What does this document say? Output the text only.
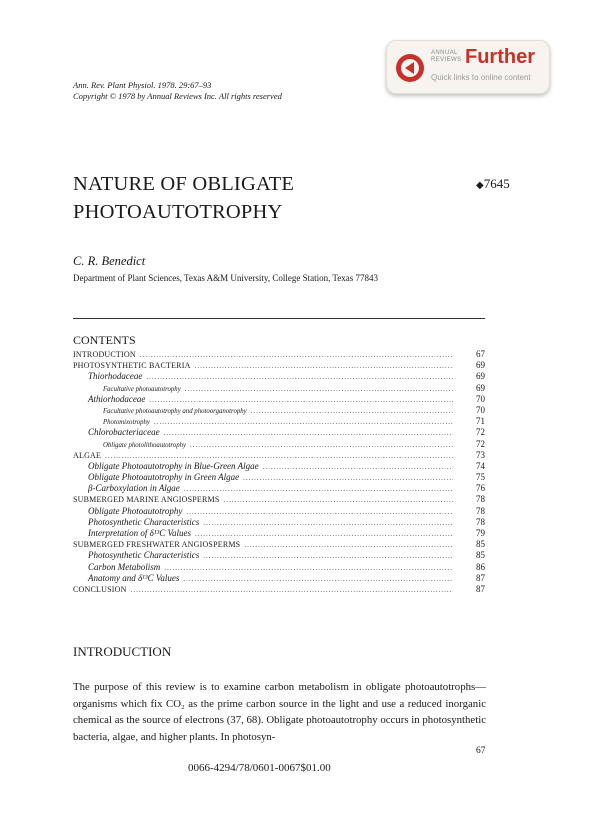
Ann. Rev. Plant Physiol. 1978. 29:67–93
Copyright © 1978 by Annual Reviews Inc. All rights reserved
ANNUAL
REVIEWS Further
Quick links to online content
NATURE OF OBLIGATE
PHOTOAUTOTROPHY
◆7645
C. R. Benedict
Department of Plant Sciences, Texas A&M University, College Station, Texas 77843
CONTENTS
INTRODUCTION .....	67
PHOTOSYNTHETIC BACTERIA .....	69
Thiorhodaceae .....	69
Facultative photoautotrophy .....	69
Athiorhodaceae .....	70
Facultative photoautotrophy and photoorganotrophy .....	70
Photomixotrophy .....	71
Chlorobacteriaceae .....	72
Obligate photolithoautotrophy .....	72
ALGAE .....	73
Obligate Photoautotrophy in Blue-Green Algae .....	74
Obligate Photoautotrophy in Green Algae .....	75
β-Carboxylation in Algae .....	76
SUBMERGED MARINE ANGIOSPERMS .....	78
Obligate Photoautotrophy .....	78
Photosynthetic Characteristics .....	78
Interpretation of δ¹³C Values .....	79
SUBMERGED FRESHWATER ANGIOSPERMS .....	85
Photosynthetic Characteristics .....	85
Carbon Metabolism .....	86
Anatomy and δ¹³C Values .....	87
CONCLUSION .....	87
INTRODUCTION
The purpose of this review is to examine carbon metabolism in obligate photoautotrophs—organisms which fix CO₂ as the prime carbon source in the light and use a reduced inorganic chemical as the source of electrons (37, 68). Obligate photoautotrophy occurs in photosynthetic bacteria, algae, and higher plants. In photosyn-
67
0066-4294/78/0601-0067$01.00
